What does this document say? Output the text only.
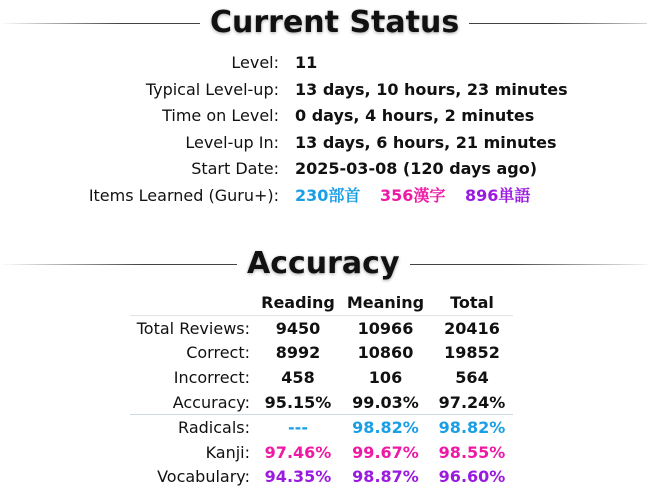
Current Status
Level: 11
Typical Level-up: 13 days, 10 hours, 23 minutes
Time on Level: 0 days, 4 hours, 2 minutes
Level-up In: 13 days, 6 hours, 21 minutes
Start Date: 2025-03-08 (120 days ago)
Items Learned (Guru+): 230部首 356漢字 896単語
Accuracy
	Reading	Meaning	Total
Total Reviews:	9450	10966	20416
Correct:	8992	10860	19852
Incorrect:	458	106	564
Accuracy:	95.15%	99.03%	97.24%
Radicals:	---	98.82%	98.82%
Kanji:	97.46%	99.67%	98.55%
Vocabulary:	94.35%	98.87%	96.60%
